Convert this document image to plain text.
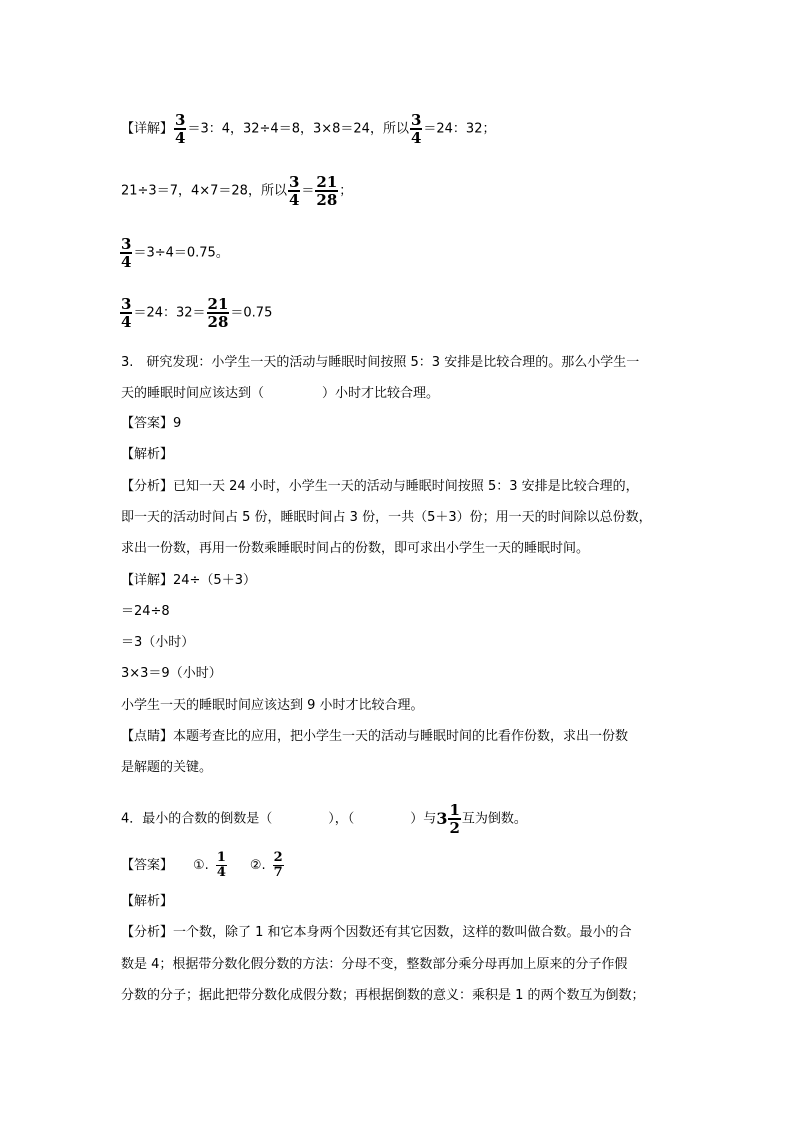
【详解】 $\frac{3}{4} =3$：4，32÷4＝8，3×8＝24，所以 $\frac{3}{4} =24$：32；
21÷3＝7，4×7＝28，所以 $\frac{3}{4} = \frac{21}{28}$ ；
$\frac{3}{4} =3\div 4=0.75$。
$\frac{3}{4} =24$：$32= \frac{21}{28} =0.75$
3.　研究发现：小学生一天的活动与睡眠时间按照 5：3 安排是比较合理的。那么小学生一
天的睡眠时间应该达到（	）小时才比较合理。
【答案】9
【解析】
【分析】已知一天 24 小时，小学生一天的活动与睡眠时间按照 5：3 安排是比较合理的，
即一天的活动时间占 5 份，睡眠时间占 3 份，一共（5＋3）份；用一天的时间除以总份数，
求出一份数，再用一份数乘睡眠时间占的份数，即可求出小学生一天的睡眠时间。
【详解】24÷（5＋3）
＝24÷8
＝3（小时）
3×3＝9（小时）
小学生一天的睡眠时间应该达到 9 小时才比较合理。
【点睛】本题考查比的应用，把小学生一天的活动与睡眠时间的比看作份数，求出一份数
是解题的关键。
4．最小的合数的倒数是（	），（	）与$3 \frac{1}{2}$ 互为倒数。
【答案】 ①. $\frac{1}{4}$ ②. $\frac{2}{7}$
【解析】
【分析】一个数，除了 1 和它本身两个因数还有其它因数，这样的数叫做合数。最小的合
数是 4；根据带分数化假分数的方法：分母不变，整数部分乘分母再加上原来的分子作假
分数的分子；据此把带分数化成假分数；再根据倒数的意义：乘积是 1 的两个数互为倒数；
